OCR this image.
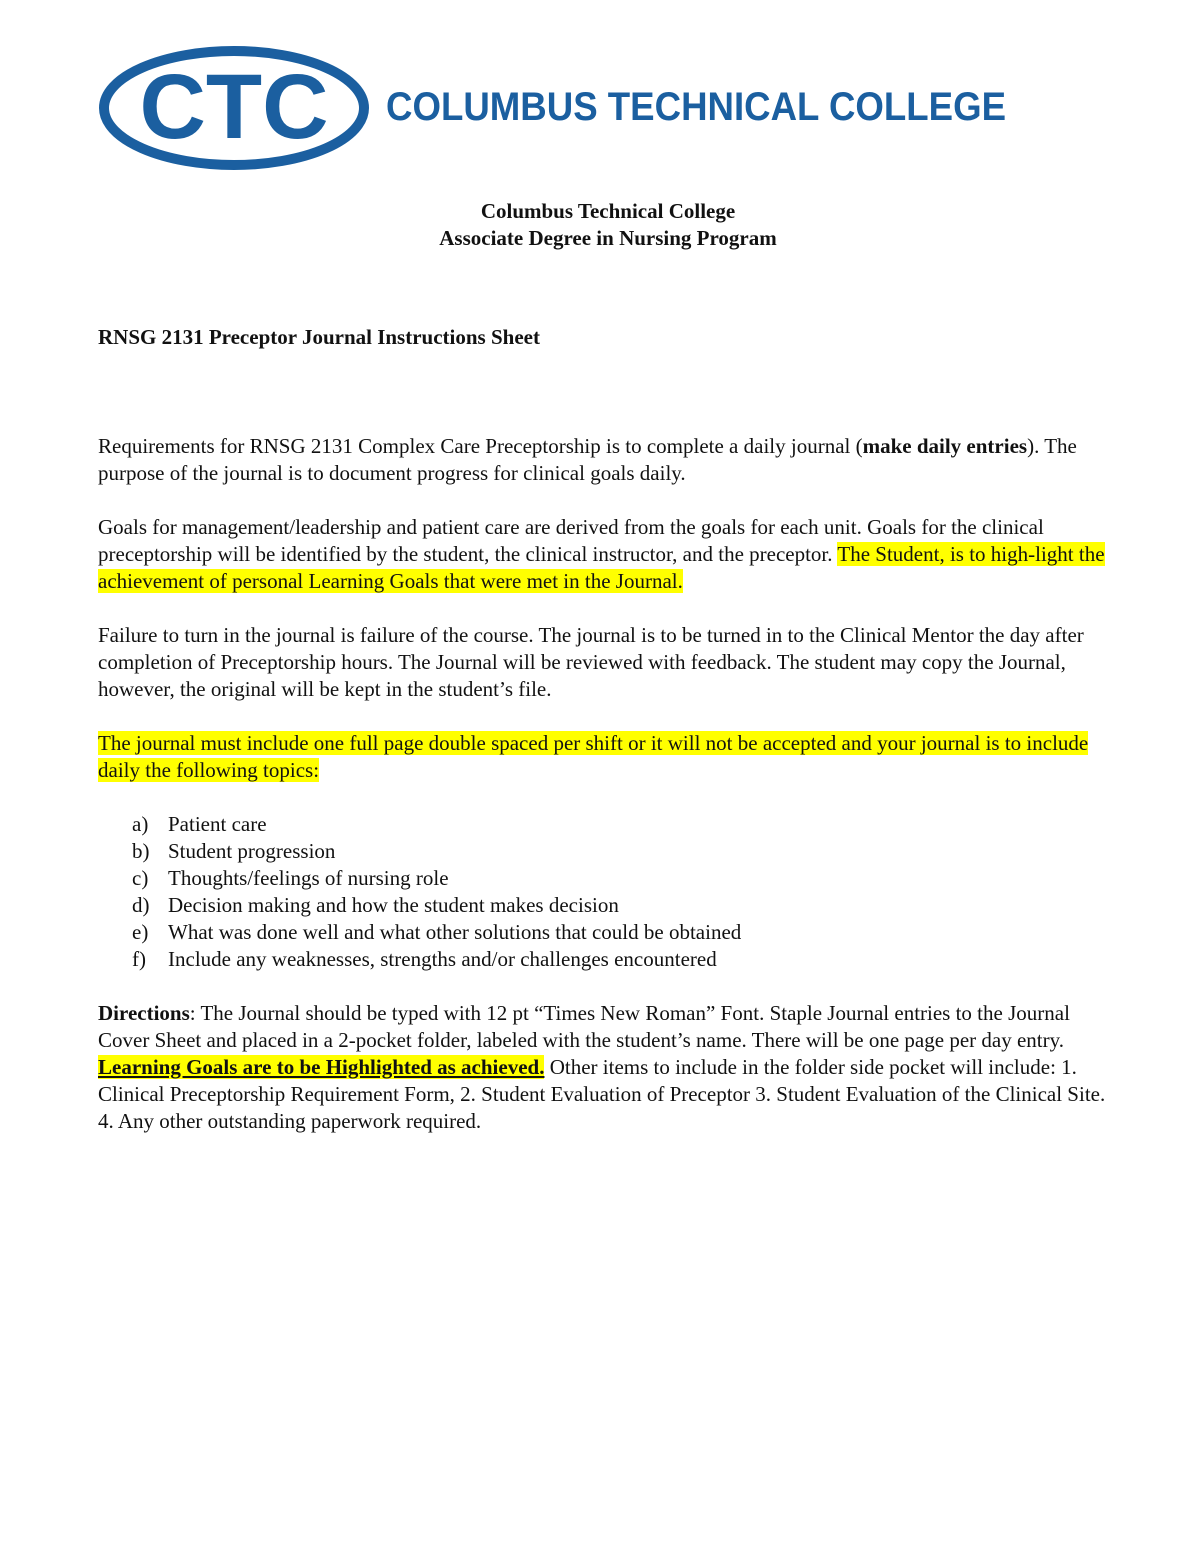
CTC COLUMBUS TECHNICAL COLLEGE

Columbus Technical College

Associate Degree in Nursing Program

RNSG 2131 Preceptor Journal Instructions Sheet

Requirements for RNSG 2131 Complex Care Preceptorship is to complete a daily journal (make daily entries). The purpose of the journal is to document progress for clinical goals daily.

Goals for management/leadership and patient care are derived from the goals for each unit. Goals for the clinical preceptorship will be identified by the student, the clinical instructor, and the preceptor. The Student, is to high-light the achievement of personal Learning Goals that were met in the Journal.

Failure to turn in the journal is failure of the course. The journal is to be turned in to the Clinical Mentor the day after completion of Preceptorship hours. The Journal will be reviewed with feedback. The student may copy the Journal, however, the original will be kept in the student’s file.

The journal must include one full page double spaced per shift or it will not be accepted and your journal is to include daily the following topics:

a) Patient care
b) Student progression
c) Thoughts/feelings of nursing role
d) Decision making and how the student makes decision
e) What was done well and what other solutions that could be obtained
f)	Include any weaknesses, strengths and/or challenges encountered

Directions: The Journal should be typed with 12 pt “Times New Roman” Font. Staple Journal entries to the Journal Cover Sheet and placed in a 2-pocket folder, labeled with the student’s name. There will be one page per day entry. Learning Goals are to be Highlighted as achieved. Other items to include in the folder side pocket will include: 1. Clinical Preceptorship Requirement Form, 2. Student Evaluation of Preceptor 3. Student Evaluation of the Clinical Site. 4. Any other outstanding paperwork required.
